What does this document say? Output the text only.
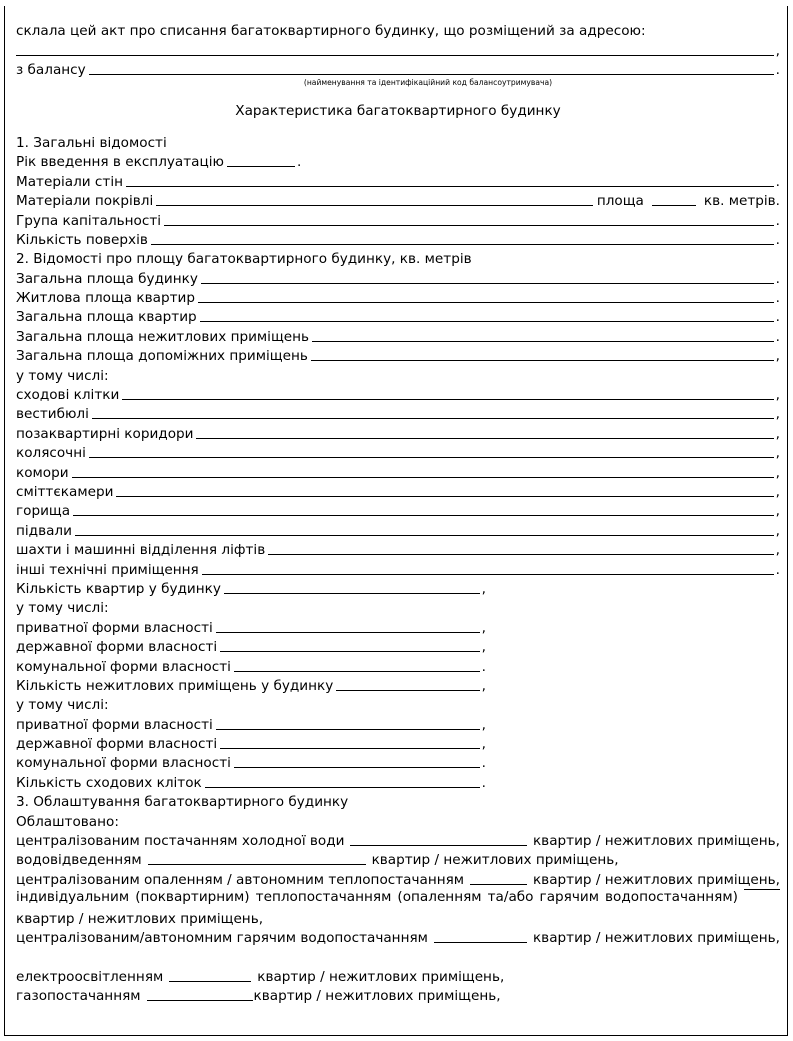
склала цей акт про списання багатоквартирного будинку, що розміщений за адресою:
,
з балансу	.
(найменування та ідентифікаційний код балансоутримувача)
Характеристика багатоквартирного будинку
1. Загальні відомості
Рік введення в експлуатацію	.
Матеріали стін	.
Матеріали покрівлі	площа	кв. метрів.
Група капітальності	.
Кількість поверхів	.
2. Відомості про площу багатоквартирного будинку, кв. метрів
Загальна площа будинку	.
Житлова площа квартир	.
Загальна площа квартир	.
Загальна площа нежитлових приміщень	.
Загальна площа допоміжних приміщень	,
у тому числі:
сходові клітки	,
вестибюлі	,
позаквартирні коридори	,
колясочні	,
комори	,
сміттєкамери	,
горища	,
підвали	,
шахти і машинні відділення ліфтів	,
інші технічні приміщення	.
Кількість квартир у будинку	,
у тому числі:
приватної форми власності	,
державної форми власності	,
комунальної форми власності	.
Кількість нежитлових приміщень у будинку	,
у тому числі:
приватної форми власності	,
державної форми власності	,
комунальної форми власності	.
Кількість сходових кліток	.
3. Облаштування багатоквартирного будинку
Облаштовано:
централізованим постачанням холодної води	квартир / нежитлових приміщень,
водовідведенням	квартир / нежитлових приміщень,
централізованим опаленням / автономним теплопостачанням	квартир / нежитлових приміщень,
індивідуальним (поквартирним) теплопостачанням (опаленням та/або гарячим водопостачанням)
квартир / нежитлових приміщень,
централізованим/автономним гарячим водопостачанням	квартир / нежитлових приміщень,
електроосвітленням	квартир / нежитлових приміщень,
газопостачанням	квартир / нежитлових приміщень,
